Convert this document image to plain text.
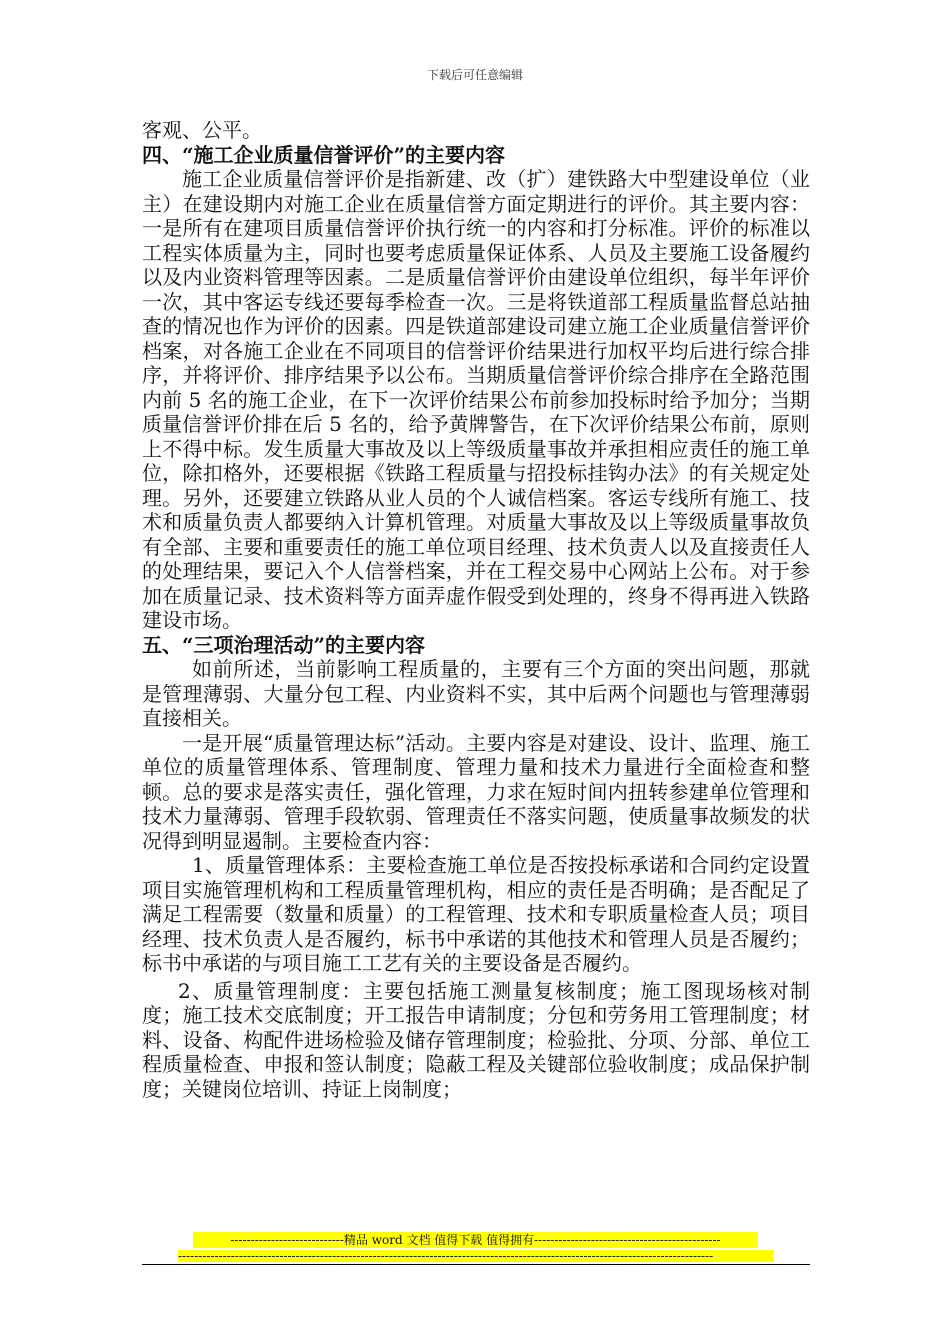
下载后可任意编辑

客观、公平。

四、“施工企业质量信誉评价”的主要内容

施工企业质量信誉评价是指新建、改（扩）建铁路大中型建设单位（业主）在建设期内对施工企业在质量信誉方面定期进行的评价。其主要内容：一是所有在建项目质量信誉评价执行统一的内容和打分标准。评价的标准以工程实体质量为主，同时也要考虑质量保证体系、人员及主要施工设备履约以及内业资料管理等因素。二是质量信誉评价由建设单位组织，每半年评价一次，其中客运专线还要每季检查一次。三是将铁道部工程质量监督总站抽查的情况也作为评价的因素。四是铁道部建设司建立施工企业质量信誉评价档案，对各施工企业在不同项目的信誉评价结果进行加权平均后进行综合排序，并将评价、排序结果予以公布。当期质量信誉评价综合排序在全路范围内前 5 名的施工企业，在下一次评价结果公布前参加投标时给予加分；当期质量信誉评价排在后 5 名的，给予黄牌警告，在下次评价结果公布前，原则上不得中标。发生质量大事故及以上等级质量事故并承担相应责任的施工单位，除扣格外，还要根据《铁路工程质量与招投标挂钩办法》的有关规定处理。另外，还要建立铁路从业人员的个人诚信档案。客运专线所有施工、技术和质量负责人都要纳入计算机管理。对质量大事故及以上等级质量事故负有全部、主要和重要责任的施工单位项目经理、技术负责人以及直接责任人的处理结果，要记入个人信誉档案，并在工程交易中心网站上公布。对于参加在质量记录、技术资料等方面弄虚作假受到处理的，终身不得再进入铁路建设市场。

五、“三项治理活动”的主要内容

如前所述，当前影响工程质量的，主要有三个方面的突出问题，那就是管理薄弱、大量分包工程、内业资料不实，其中后两个问题也与管理薄弱直接相关。

一是开展“质量管理达标”活动。主要内容是对建设、设计、监理、施工单位的质量管理体系、管理制度、管理力量和技术力量进行全面检查和整顿。总的要求是落实责任，强化管理，力求在短时间内扭转参建单位管理和技术力量薄弱、管理手段软弱、管理责任不落实问题，使质量事故频发的状况得到明显遏制。主要检查内容：

1、质量管理体系：主要检查施工单位是否按投标承诺和合同约定设置项目实施管理机构和工程质量管理机构，相应的责任是否明确；是否配足了满足工程需要（数量和质量）的工程管理、技术和专职质量检查人员；项目经理、技术负责人是否履约，标书中承诺的其他技术和管理人员是否履约；标书中承诺的与项目施工工艺有关的主要设备是否履约。

2、质量管理制度：主要包括施工测量复核制度；施工图现场核对制度；施工技术交底制度；开工报告申请制度；分包和劳务用工管理制度；材料、设备、构配件进场检验及储存管理制度；检验批、分项、分部、单位工程质量检查、申报和签认制度；隐蔽工程及关键部位验收制度；成品保护制度；关键岗位培训、持证上岗制度；

----------------------------精品 word 文档 值得下载 值得拥有----------------------------------------------
------------------------------------------------------------------------------------------------------------------------------------
